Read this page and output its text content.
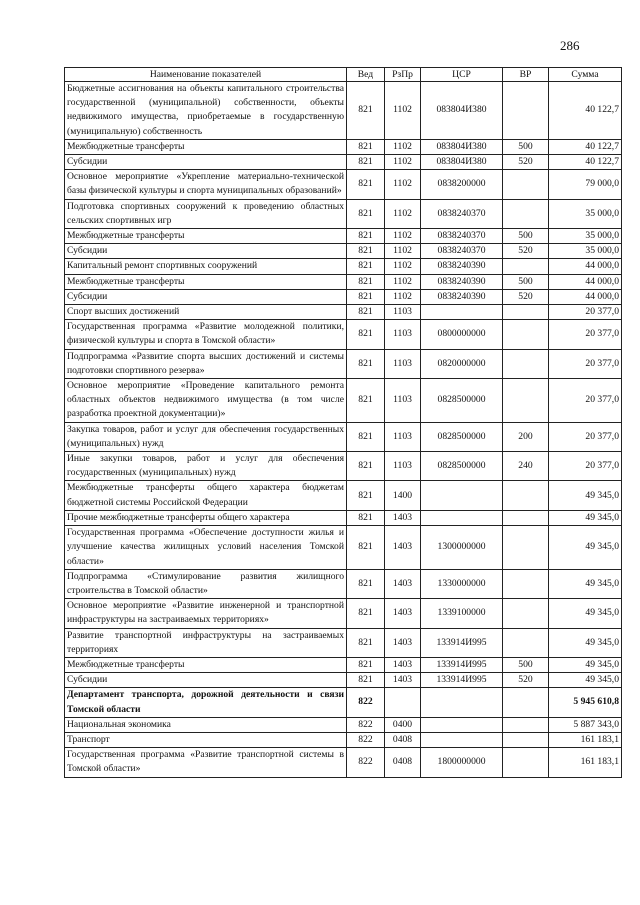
286
Наименование показателей	Вед	РзПр	ЦСР	ВР	Сумма
Бюджетные ассигнования на объекты капитального строительства государственной (муниципальной) собственности, объекты недвижимого имущества, приобретаемые в государственную (муниципальную) собственность	821	1102	083804И380		40 122,7
Межбюджетные трансферты	821	1102	083804И380	500	40 122,7
Субсидии	821	1102	083804И380	520	40 122,7
Основное мероприятие «Укрепление материально-технической базы физической культуры и спорта муниципальных образований»	821	1102	0838200000		79 000,0
Подготовка спортивных сооружений к проведению областных сельских спортивных игр	821	1102	0838240370		35 000,0
Межбюджетные трансферты	821	1102	0838240370	500	35 000,0
Субсидии	821	1102	0838240370	520	35 000,0
Капитальный ремонт спортивных сооружений	821	1102	0838240390		44 000,0
Межбюджетные трансферты	821	1102	0838240390	500	44 000,0
Субсидии	821	1102	0838240390	520	44 000,0
Спорт высших достижений	821	1103			20 377,0
Государственная программа «Развитие молодежной политики, физической культуры и спорта в Томской области»	821	1103	0800000000		20 377,0
Подпрограмма «Развитие спорта высших достижений и системы подготовки спортивного резерва»	821	1103	0820000000		20 377,0
Основное мероприятие «Проведение капитального ремонта областных объектов недвижимого имущества (в том числе разработка проектной документации)»	821	1103	0828500000		20 377,0
Закупка товаров, работ и услуг для обеспечения государственных (муниципальных) нужд	821	1103	0828500000	200	20 377,0
Иные закупки товаров, работ и услуг для обеспечения государственных (муниципальных) нужд	821	1103	0828500000	240	20 377,0
Межбюджетные трансферты общего характера бюджетам бюджетной системы Российской Федерации	821	1400			49 345,0
Прочие межбюджетные трансферты общего характера	821	1403			49 345,0
Государственная программа «Обеспечение доступности жилья и улучшение качества жилищных условий населения Томской области»	821	1403	1300000000		49 345,0
Подпрограмма «Стимулирование развития жилищного строительства в Томской области»	821	1403	1330000000		49 345,0
Основное мероприятие «Развитие инженерной и транспортной инфраструктуры на застраиваемых территориях»	821	1403	1339100000		49 345,0
Развитие транспортной инфраструктуры на застраиваемых территориях	821	1403	133914И995		49 345,0
Межбюджетные трансферты	821	1403	133914И995	500	49 345,0
Субсидии	821	1403	133914И995	520	49 345,0
Департамент транспорта, дорожной деятельности и связи Томской области	822				5 945 610,8
Национальная экономика	822	0400			5 887 343,0
Транспорт	822	0408			161 183,1
Государственная программа «Развитие транспортной системы в Томской области»	822	0408	1800000000		161 183,1
